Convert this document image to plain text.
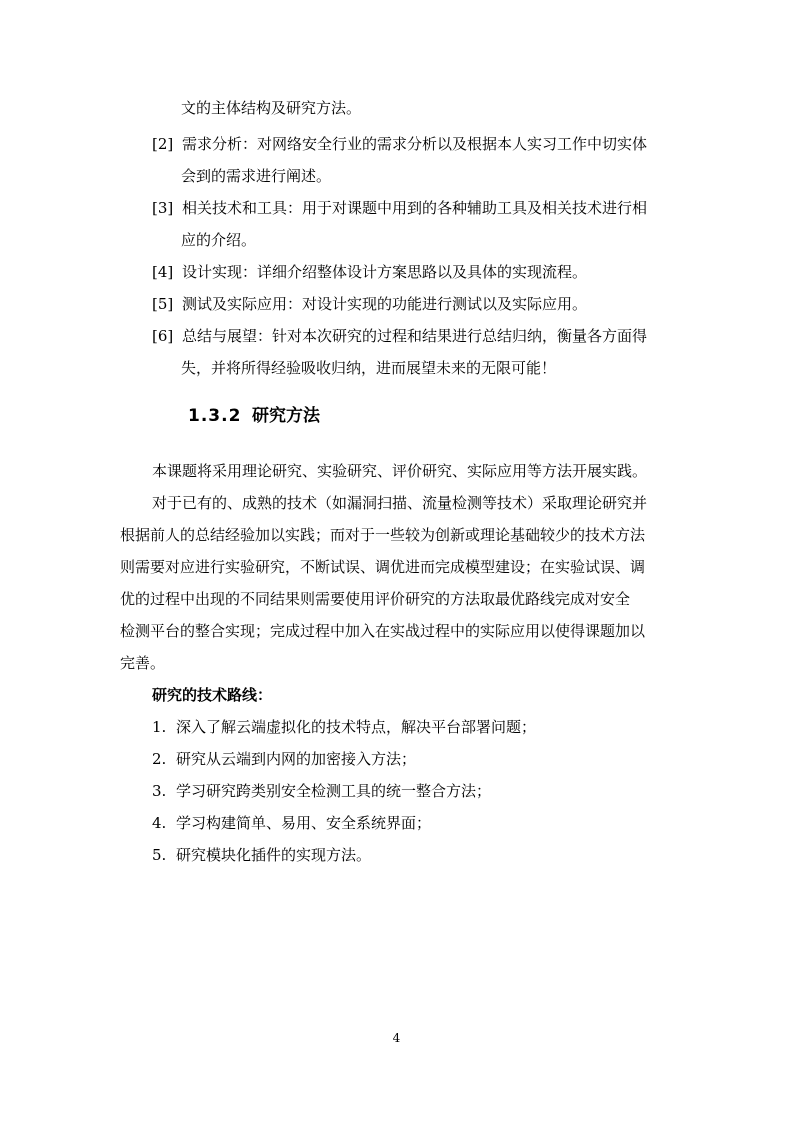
文的主体结构及研究方法。
[2] 需求分析：对网络安全行业的需求分析以及根据本人实习工作中切实体
会到的需求进行阐述。
[3] 相关技术和工具：用于对课题中用到的各种辅助工具及相关技术进行相
应的介绍。
[4] 设计实现：详细介绍整体设计方案思路以及具体的实现流程。
[5] 测试及实际应用：对设计实现的功能进行测试以及实际应用。
[6] 总结与展望：针对本次研究的过程和结果进行总结归纳，衡量各方面得
失，并将所得经验吸收归纳，进而展望未来的无限可能！
1.3.2 研究方法
本课题将采用理论研究、实验研究、评价研究、实际应用等方法开展实践。
对于已有的、成熟的技术（如漏洞扫描、流量检测等技术）采取理论研究并
根据前人的总结经验加以实践；而对于一些较为创新或理论基础较少的技术方法
则需要对应进行实验研究，不断试误、调优进而完成模型建设；在实验试误、调
优的过程中出现的不同结果则需要使用评价研究的方法取最优路线完成对安全
检测平台的整合实现；完成过程中加入在实战过程中的实际应用以使得课题加以
完善。
研究的技术路线：
1. 深入了解云端虚拟化的技术特点，解决平台部署问题；
2. 研究从云端到内网的加密接入方法；
3. 学习研究跨类别安全检测工具的统一整合方法；
4. 学习构建简单、易用、安全系统界面；
5. 研究模块化插件的实现方法。
4
